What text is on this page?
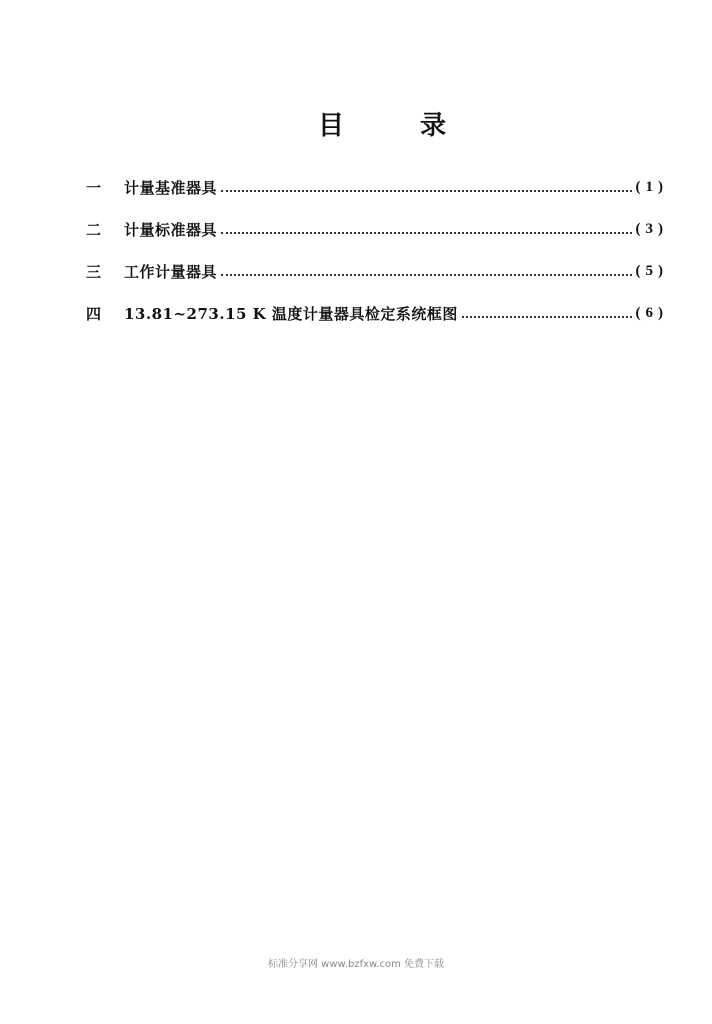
目	录
一	计量基准器具	(1)
二	计量标准器具	(3)
三	工作计量器具	(5)
四	13.81~273.15 K 温度计量器具检定系统框图	(6)
标准分享网 www.bzfxw.com 免费下载
